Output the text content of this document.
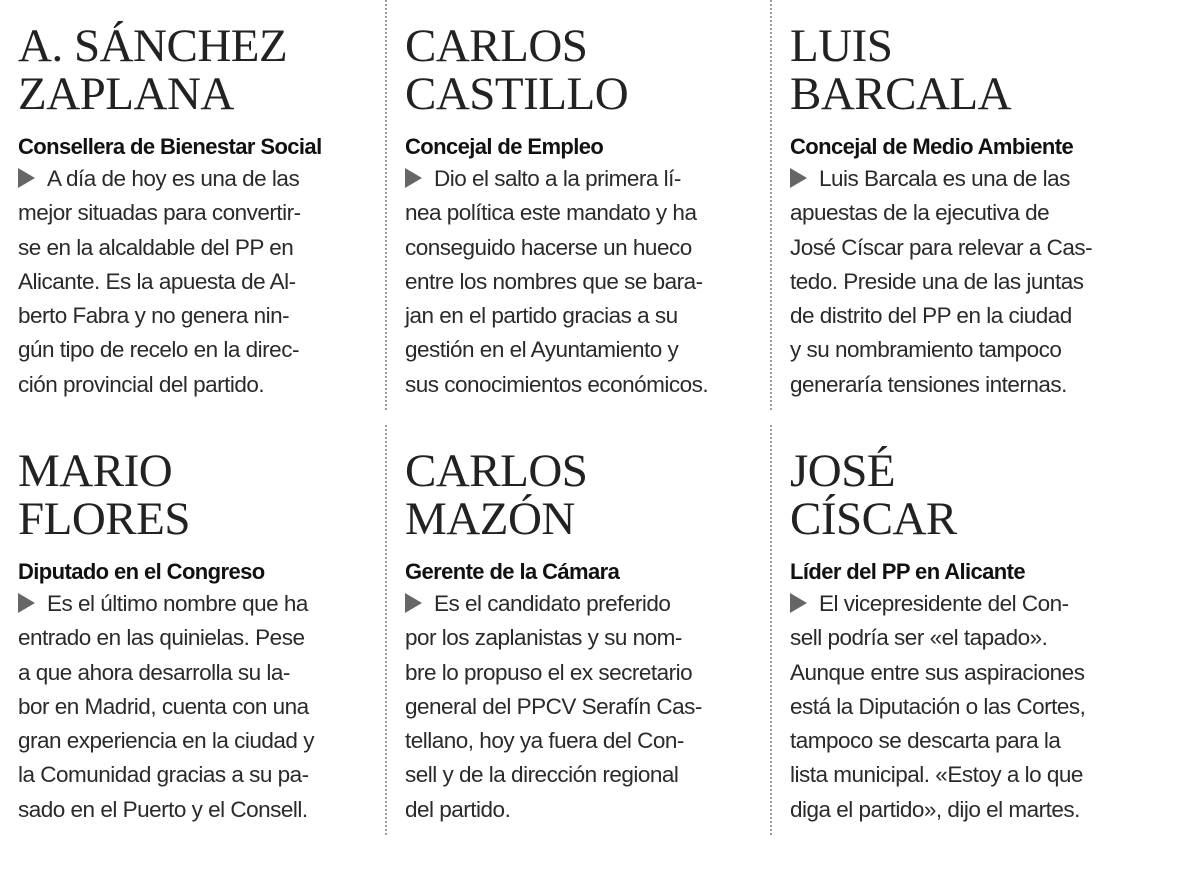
A. SÁNCHEZ
ZAPLANA
Consellera de Bienestar Social
A día de hoy es una de las
mejor situadas para convertir-
se en la alcaldable del PP en
Alicante. Es la apuesta de Al-
berto Fabra y no genera nin-
gún tipo de recelo en la direc-
ción provincial del partido.
CARLOS
CASTILLO
Concejal de Empleo
Dio el salto a la primera lí-
nea política este mandato y ha
conseguido hacerse un hueco
entre los nombres que se bara-
jan en el partido gracias a su
gestión en el Ayuntamiento y
sus conocimientos económicos.
LUIS
BARCALA
Concejal de Medio Ambiente
Luis Barcala es una de las
apuestas de la ejecutiva de
José Císcar para relevar a Cas-
tedo. Preside una de las juntas
de distrito del PP en la ciudad
y su nombramiento tampoco
generaría tensiones internas.
MARIO
FLORES
Diputado en el Congreso
Es el último nombre que ha
entrado en las quinielas. Pese
a que ahora desarrolla su la-
bor en Madrid, cuenta con una
gran experiencia en la ciudad y
la Comunidad gracias a su pa-
sado en el Puerto y el Consell.
CARLOS
MAZÓN
Gerente de la Cámara
Es el candidato preferido
por los zaplanistas y su nom-
bre lo propuso el ex secretario
general del PPCV Serafín Cas-
tellano, hoy ya fuera del Con-
sell y de la dirección regional
del partido.
JOSÉ
CÍSCAR
Líder del PP en Alicante
El vicepresidente del Con-
sell podría ser «el tapado».
Aunque entre sus aspiraciones
está la Diputación o las Cortes,
tampoco se descarta para la
lista municipal. «Estoy a lo que
diga el partido», dijo el martes.
